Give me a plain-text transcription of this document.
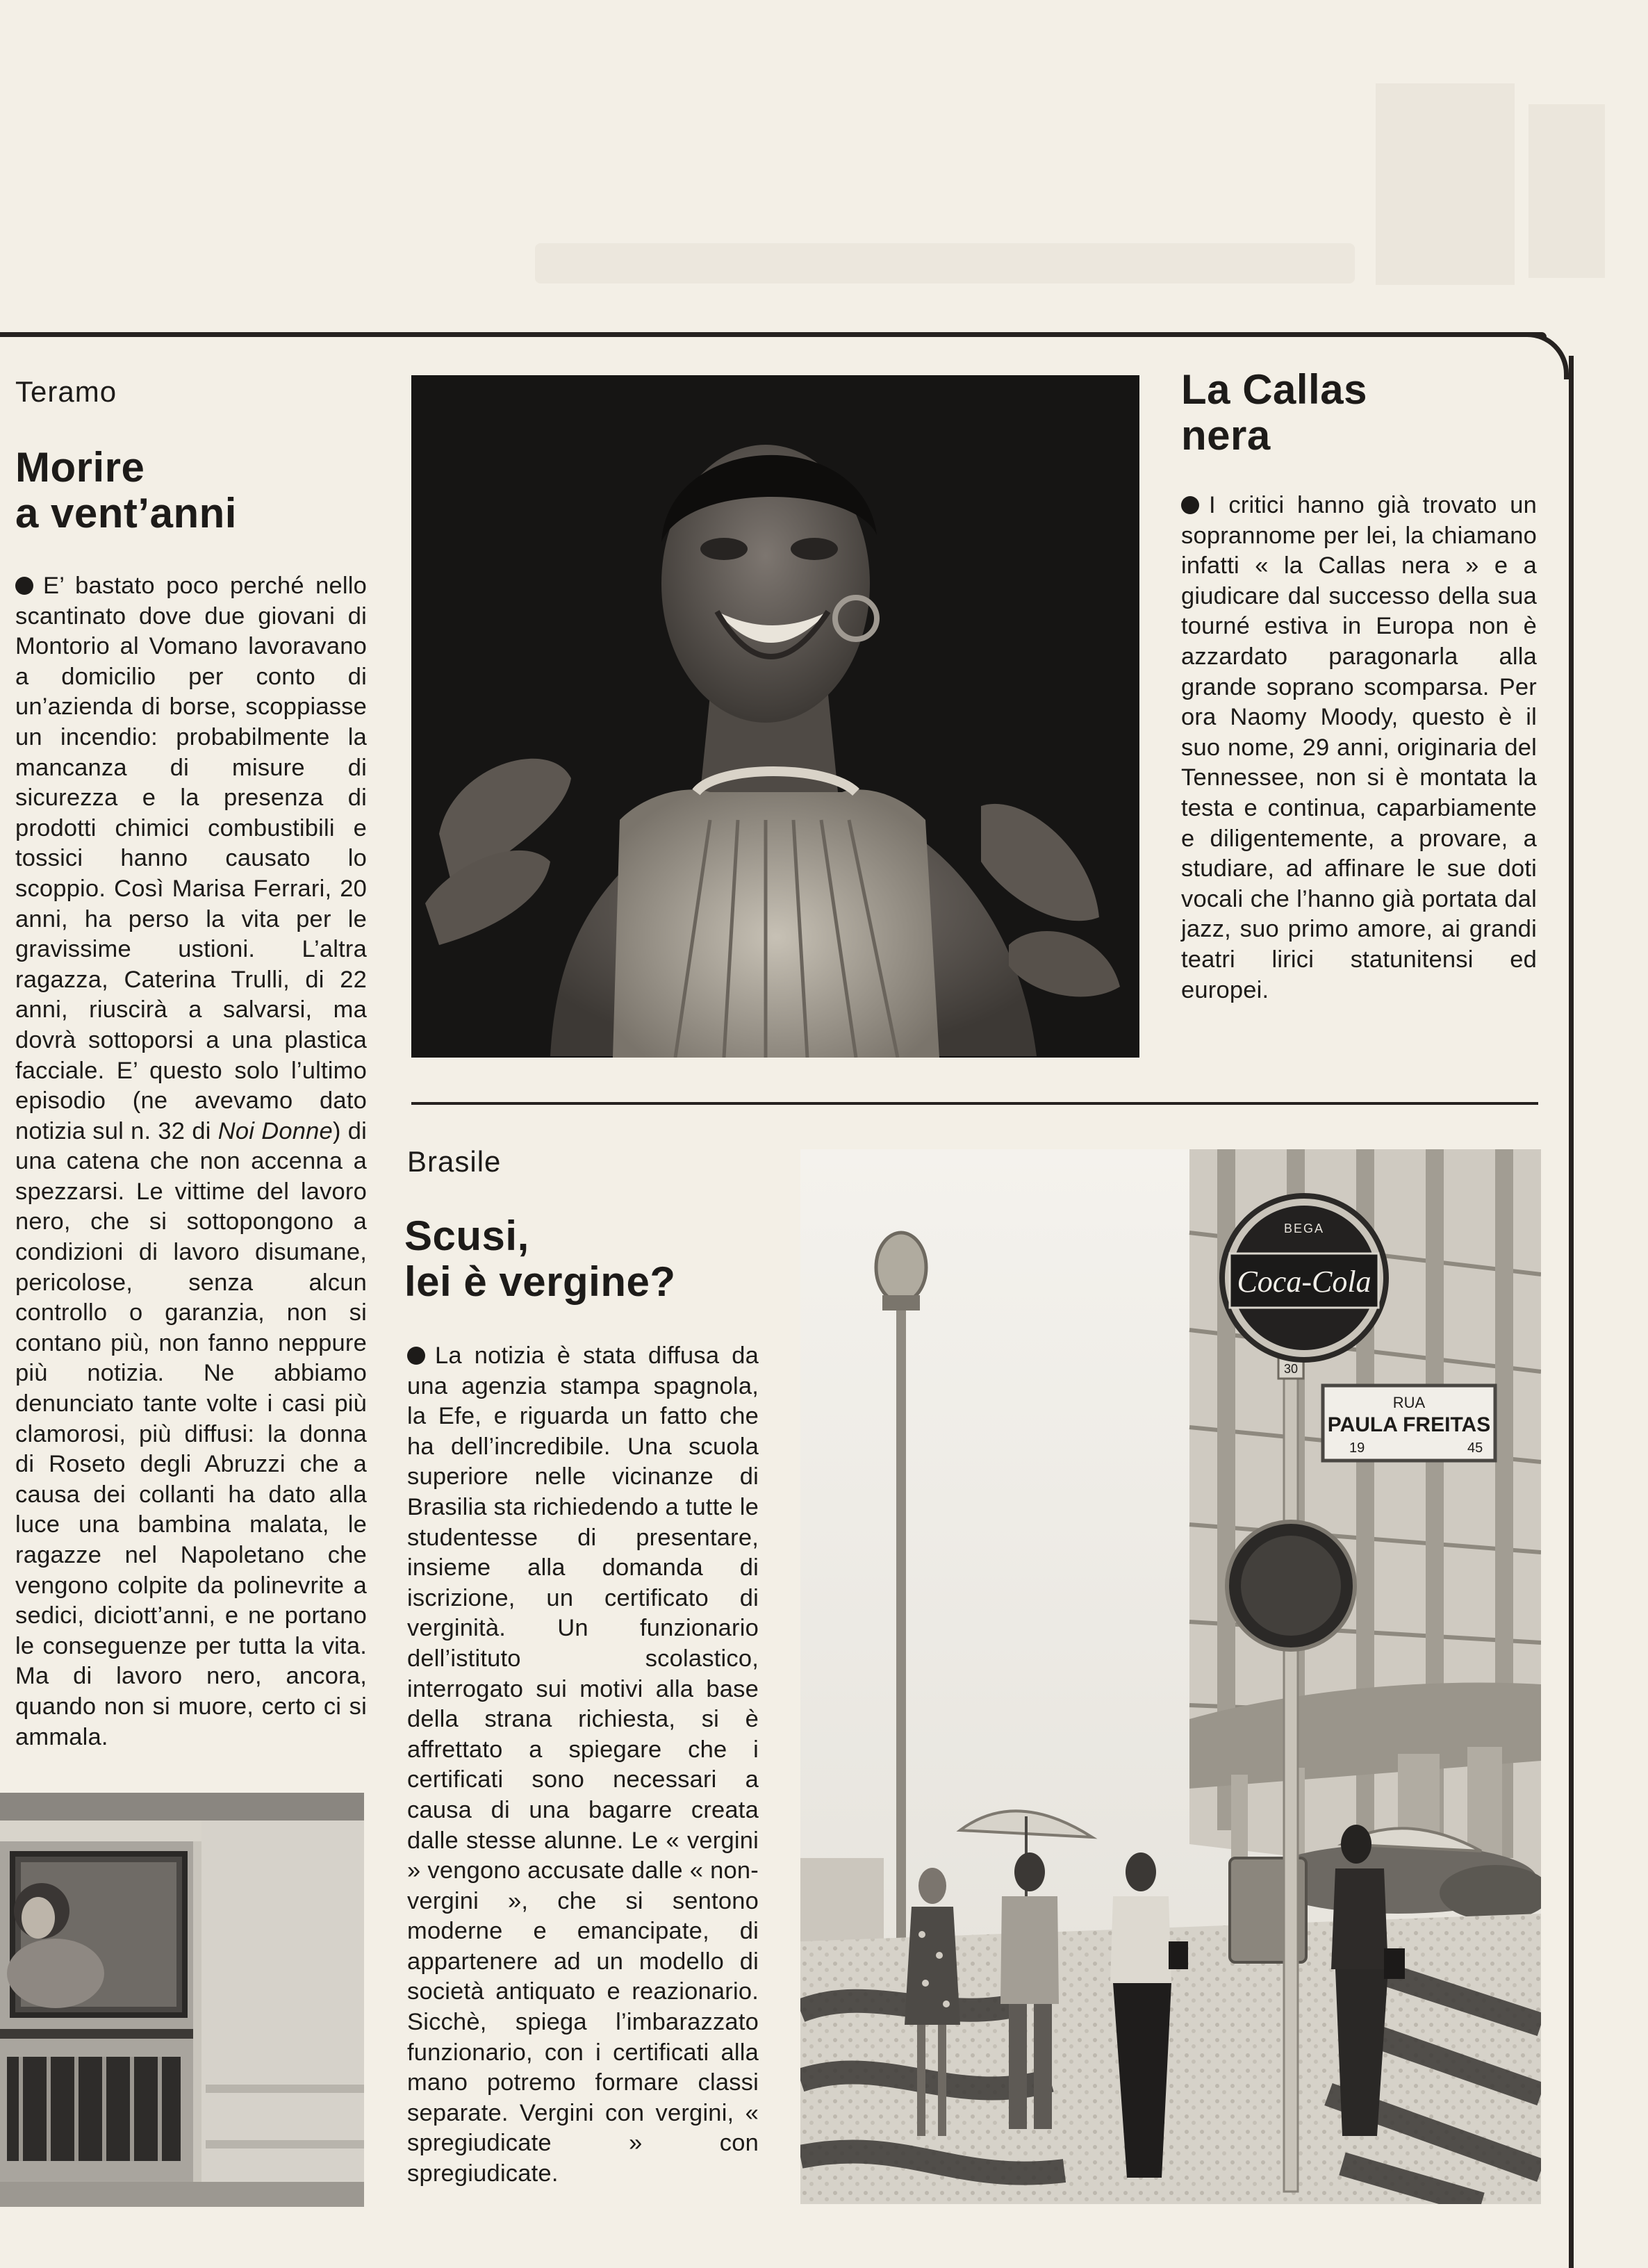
Teramo
Morire
a vent’anni

E’ bastato poco perché nello scantinato dove due giovani di Montorio al Vomano lavoravano a domicilio per conto di un’azienda di borse, scoppiasse un incendio: probabilmente la mancanza di misure di sicurezza e la presenza di prodotti chimici combustibili e tossici hanno causato lo scoppio. Così Marisa Ferrari, 20 anni, ha perso la vita per le gravissime ustioni. L’altra ragazza, Caterina Trulli, di 22 anni, riuscirà a salvarsi, ma dovrà sottoporsi a una plastica facciale. E’ questo solo l’ultimo episodio (ne avevamo dato notizia sul n. 32 di Noi Donne) di una catena che non accenna a spezzarsi. Le vittime del lavoro nero, che si sottopongono a condizioni di lavoro disumane, pericolose, senza alcun controllo o garanzia, non si contano più, non fanno neppure più notizia. Ne abbiamo denunciato tante volte i casi più clamorosi, più diffusi: la donna di Roseto degli Abruzzi che a causa dei collanti ha dato alla luce una bambina malata, le ragazze nel Napoletano che vengono colpite da polinevrite a sedici, diciott’anni, e ne portano le conseguenze per tutta la vita. Ma di lavoro nero, ancora, quando non si muore, certo ci si ammala.

La Callas
nera

I critici hanno già trovato un soprannome per lei, la chiamano infatti « la Callas nera » e a giudicare dal successo della sua tourné estiva in Europa non è azzardato paragonarla alla grande soprano scomparsa. Per ora Naomy Moody, questo è il suo nome, 29 anni, originaria del Tennessee, non si è montata la testa e continua, caparbiamente e diligentemente, a provare, a studiare, ad affinare le sue doti vocali che l’hanno già portata dal jazz, suo primo amore, ai grandi teatri lirici statunitensi ed europei.

Brasile
Scusi,
lei è vergine?

La notizia è stata diffusa da una agenzia stampa spagnola, la Efe, e riguarda un fatto che ha dell’incredibile. Una scuola superiore nelle vicinanze di Brasilia sta richiedendo a tutte le studentesse di presentare, insieme alla domanda di iscrizione, un certificato di verginità. Un funzionario dell’istituto scolastico, interrogato sui motivi alla base della strana richiesta, si è affrettato a spiegare che i certificati sono necessari a causa di una bagarre creata dalle stesse alunne. Le « vergini » vengono accusate dalle « non-vergini », che si sentono moderne e emancipate, di appartenere ad un modello di società antiquato e reazionario. Sicchè, spiega l’imbarazzato funzionario, con i certificati alla mano potremo formare classi separate. Vergini con vergini, « spregiudicate » con spregiudicate.

RUA
PAULA FREITAS
19	45
30
BEGA
Coca-Cola
